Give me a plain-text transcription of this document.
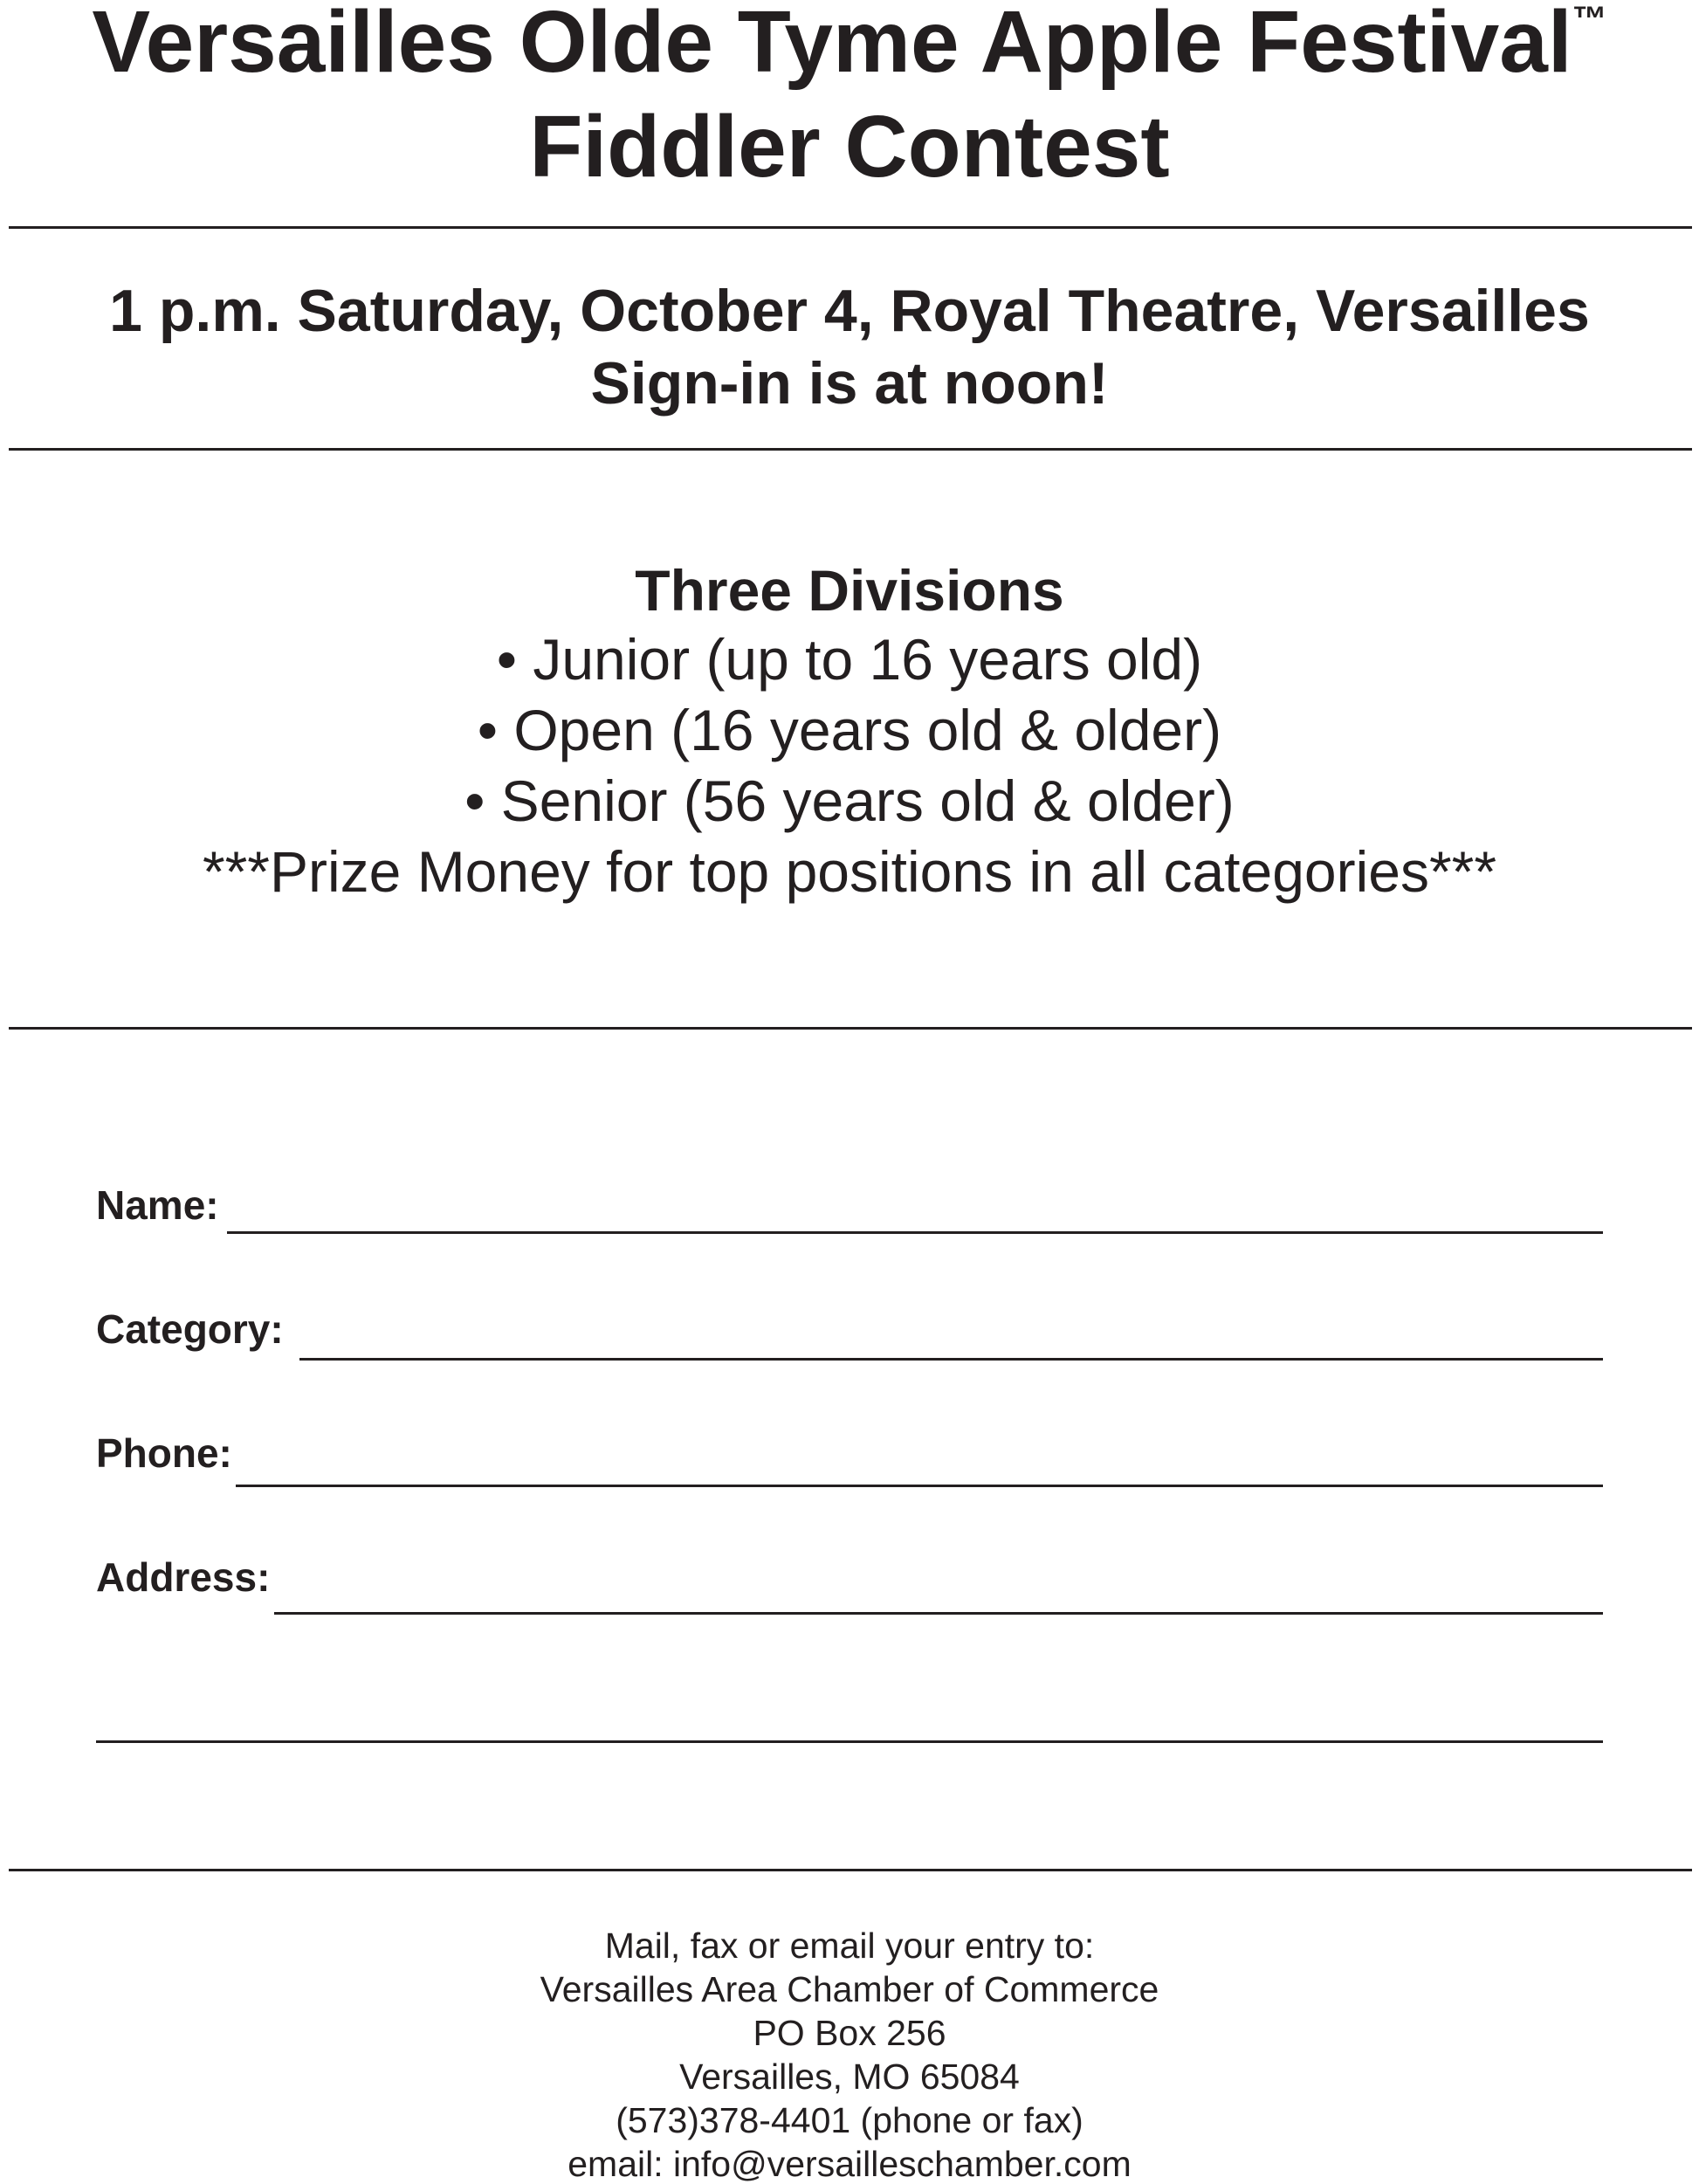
Versailles Olde Tyme Apple Festival™
Fiddler Contest
1 p.m. Saturday, October 4, Royal Theatre, Versailles
Sign-in is at noon!
Three Divisions
• Junior (up to 16 years old)
• Open (16 years old & older)
• Senior (56 years old & older)
***Prize Money for top positions in all categories***
Name:
Category:
Phone:
Address:
Mail, fax or email your entry to:
Versailles Area Chamber of Commerce
PO Box 256
Versailles, MO 65084
(573)378-4401 (phone or fax)
email: info@versailleschamber.com
